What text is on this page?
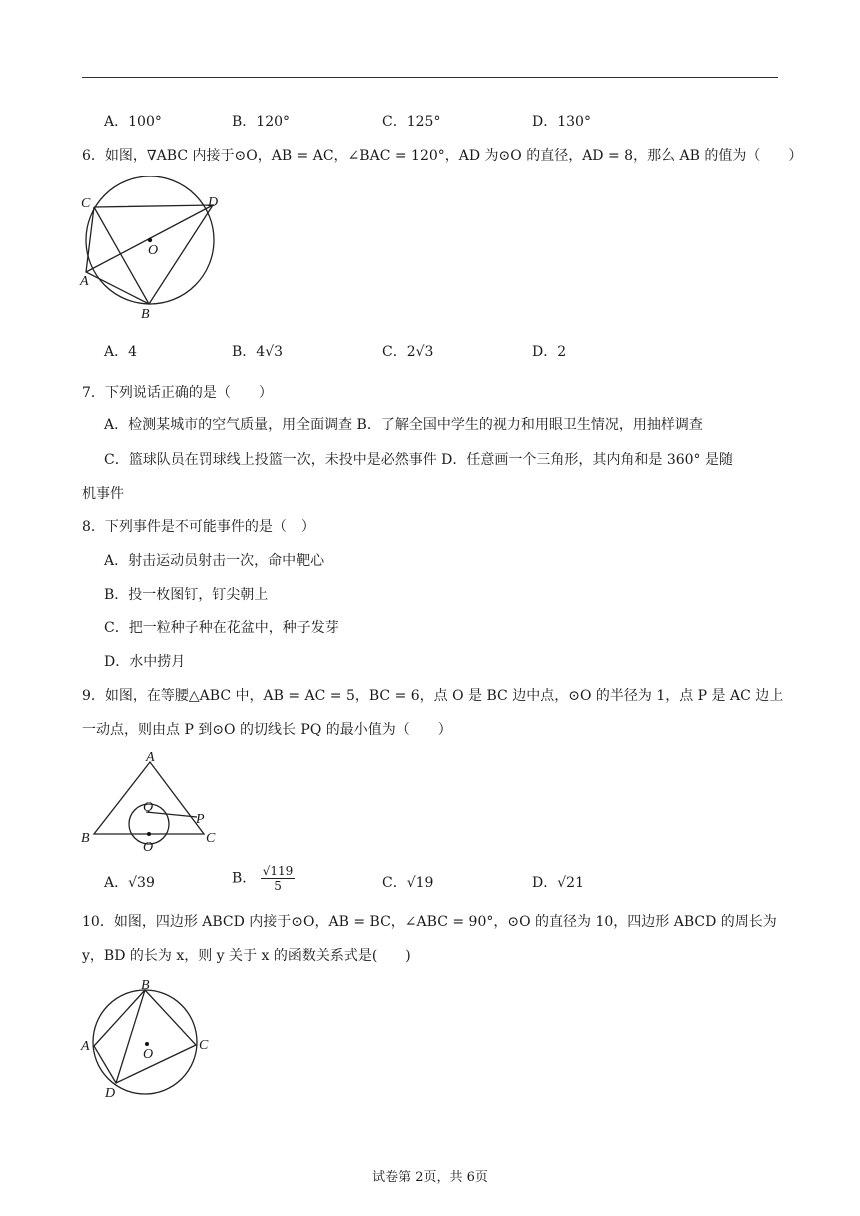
A．100°	B．120°	C．125°	D．130°
6．如图，∇ABC 内接于⊙O，AB = AC，∠BAC = 120°，AD 为⊙O 的直径，AD = 8，那么 AB 的值为（　　）
C	D
O
A
B
A．4	B．4√3	C．2√3	D．2
7．下列说话正确的是（　　）
A．检测某城市的空气质量，用全面调查 B．了解全国中学生的视力和用眼卫生情况，用抽样调查
C．篮球队员在罚球线上投篮一次，未投中是必然事件 D．任意画一个三角形，其内角和是 360° 是随
机事件
8．下列事件是不可能事件的是（　）
A．射击运动员射击一次，命中靶心
B．投一枚图钉，钉尖朝上
C．把一粒种子种在花盆中，种子发芽
D．水中捞月
9．如图，在等腰△ABC 中，AB = AC = 5，BC = 6，点 O 是 BC 边中点，⊙O 的半径为 1，点 P 是 AC 边上
一动点，则由点 P 到⊙O 的切线长 PQ 的最小值为（　　）
A
Q
P
B
O
C
A．√39	B． $\frac{√119}{5}$	C．√19	D．√21
10．如图，四边形 ABCD 内接于⊙O，AB = BC，∠ABC = 90°，⊙O 的直径为 10，四边形 ABCD 的周长为
y，BD 的长为 x，则 y 关于 x 的函数关系式是(　　)
B
A
O
C
D
试卷第 2页，共 6页
